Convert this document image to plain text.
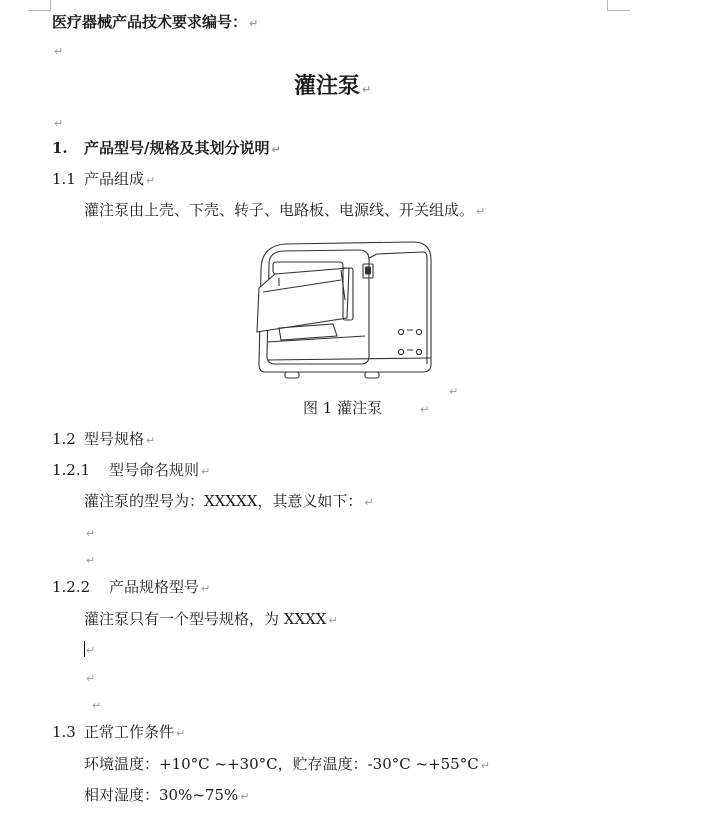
医疗器械产品技术要求编号： ↵
↵
灌注泵 ↵
↵
1. 产品型号/规格及其划分说明 ↵
1.1 产品组成 ↵
灌注泵由上壳、下壳、转子、电路板、电源线、开关组成。 ↵
↵
图 1 灌注泵	↵
1.2 型号规格 ↵
1.2.1 型号命名规则 ↵
灌注泵的型号为：XXXXX，其意义如下： ↵
↵
↵
1.2.2 产品规格型号 ↵
灌注泵只有一个型号规格，为 XXXX ↵
↵
↵
↵
1.3 正常工作条件 ↵
环境温度：+10°C ~+30°C，贮存温度：-30°C ~+55°C ↵
相对湿度：30%~75% ↵
